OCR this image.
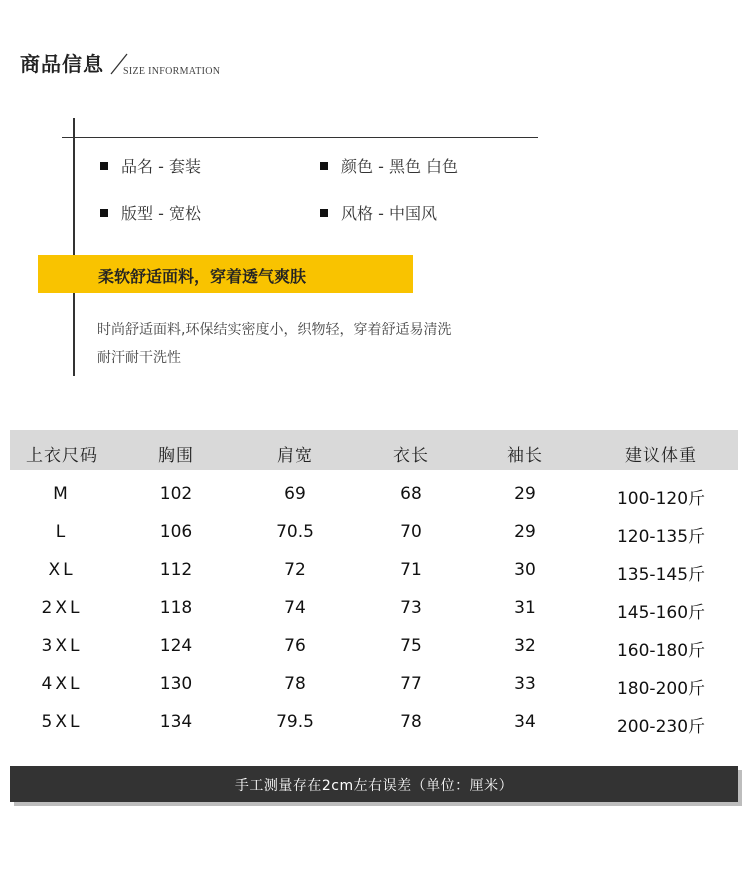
商品信息 SIZE INFORMATION
品名 - 套装	颜色 - 黑色 白色
版型 - 宽松	风格 - 中国风
柔软舒适面料，穿着透气爽肤
时尚舒适面料,环保结实密度小，织物轻，穿着舒适易清洗
耐汗耐干洗性
上衣尺码	胸围	肩宽	衣长	袖长	建议体重
M	102	69	68	29	100-120斤
L	106	70.5	70	29	120-135斤
XL	112	72	71	30	135-145斤
2XL	118	74	73	31	145-160斤
3XL	124	76	75	32	160-180斤
4XL	130	78	77	33	180-200斤
5XL	134	79.5	78	34	200-230斤
手工测量存在2cm左右误差（单位：厘米）
